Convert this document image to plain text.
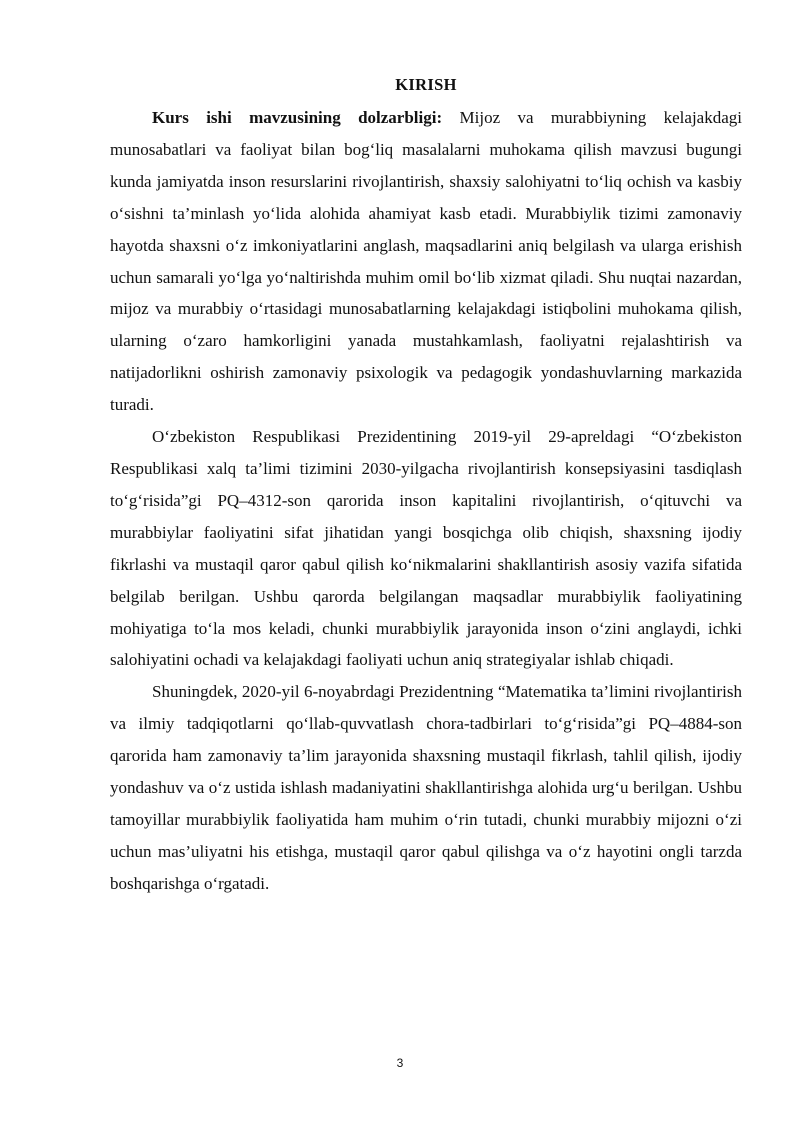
KIRISH

Kurs ishi mavzusining dolzarbligi: Mijoz va murabbiyning kelajakdagi munosabatlari va faoliyat bilan bog‘liq masalalarni muhokama qilish mavzusi bugungi kunda jamiyatda inson resurslarini rivojlantirish, shaxsiy salohiyatni to‘liq ochish va kasbiy o‘sishni ta’minlash yo‘lida alohida ahamiyat kasb etadi. Murabbiylik tizimi zamonaviy hayotda shaxsni o‘z imkoniyatlarini anglash, maqsadlarini aniq belgilash va ularga erishish uchun samarali yo‘lga yo‘naltirishda muhim omil bo‘lib xizmat qiladi. Shu nuqtai nazardan, mijoz va murabbiy o‘rtasidagi munosabatlarning kelajakdagi istiqbolini muhokama qilish, ularning o‘zaro hamkorligini yanada mustahkamlash, faoliyatni rejalashtirish va natijadorlikni oshirish zamonaviy psixologik va pedagogik yondashuvlarning markazida turadi.

O‘zbekiston Respublikasi Prezidentining 2019-yil 29-apreldagi “O‘zbekiston Respublikasi xalq ta’limi tizimini 2030-yilgacha rivojlantirish konsepsiyasini tasdiqlash to‘g‘risida”gi PQ–4312-son qarorida inson kapitalini rivojlantirish, o‘qituvchi va murabbiylar faoliyatini sifat jihatidan yangi bosqichga olib chiqish, shaxsning ijodiy fikrlashi va mustaqil qaror qabul qilish ko‘nikmalarini shakllantirish asosiy vazifa sifatida belgilab berilgan. Ushbu qarorda belgilangan maqsadlar murabbiylik faoliyatining mohiyatiga to‘la mos keladi, chunki murabbiylik jarayonida inson o‘zini anglaydi, ichki salohiyatini ochadi va kelajakdagi faoliyati uchun aniq strategiyalar ishlab chiqadi.

Shuningdek, 2020-yil 6-noyabrdagi Prezidentning “Matematika ta’limini rivojlantirish va ilmiy tadqiqotlarni qo‘llab-quvvatlash chora-tadbirlari to‘g‘risida”gi PQ–4884-son qarorida ham zamonaviy ta’lim jarayonida shaxsning mustaqil fikrlash, tahlil qilish, ijodiy yondashuv va o‘z ustida ishlash madaniyatini shakllantirishga alohida urg‘u berilgan. Ushbu tamoyillar murabbiylik faoliyatida ham muhim o‘rin tutadi, chunki murabbiy mijozni o‘zi uchun mas’uliyatni his etishga, mustaqil qaror qabul qilishga va o‘z hayotini ongli tarzda boshqarishga o‘rgatadi.

3
